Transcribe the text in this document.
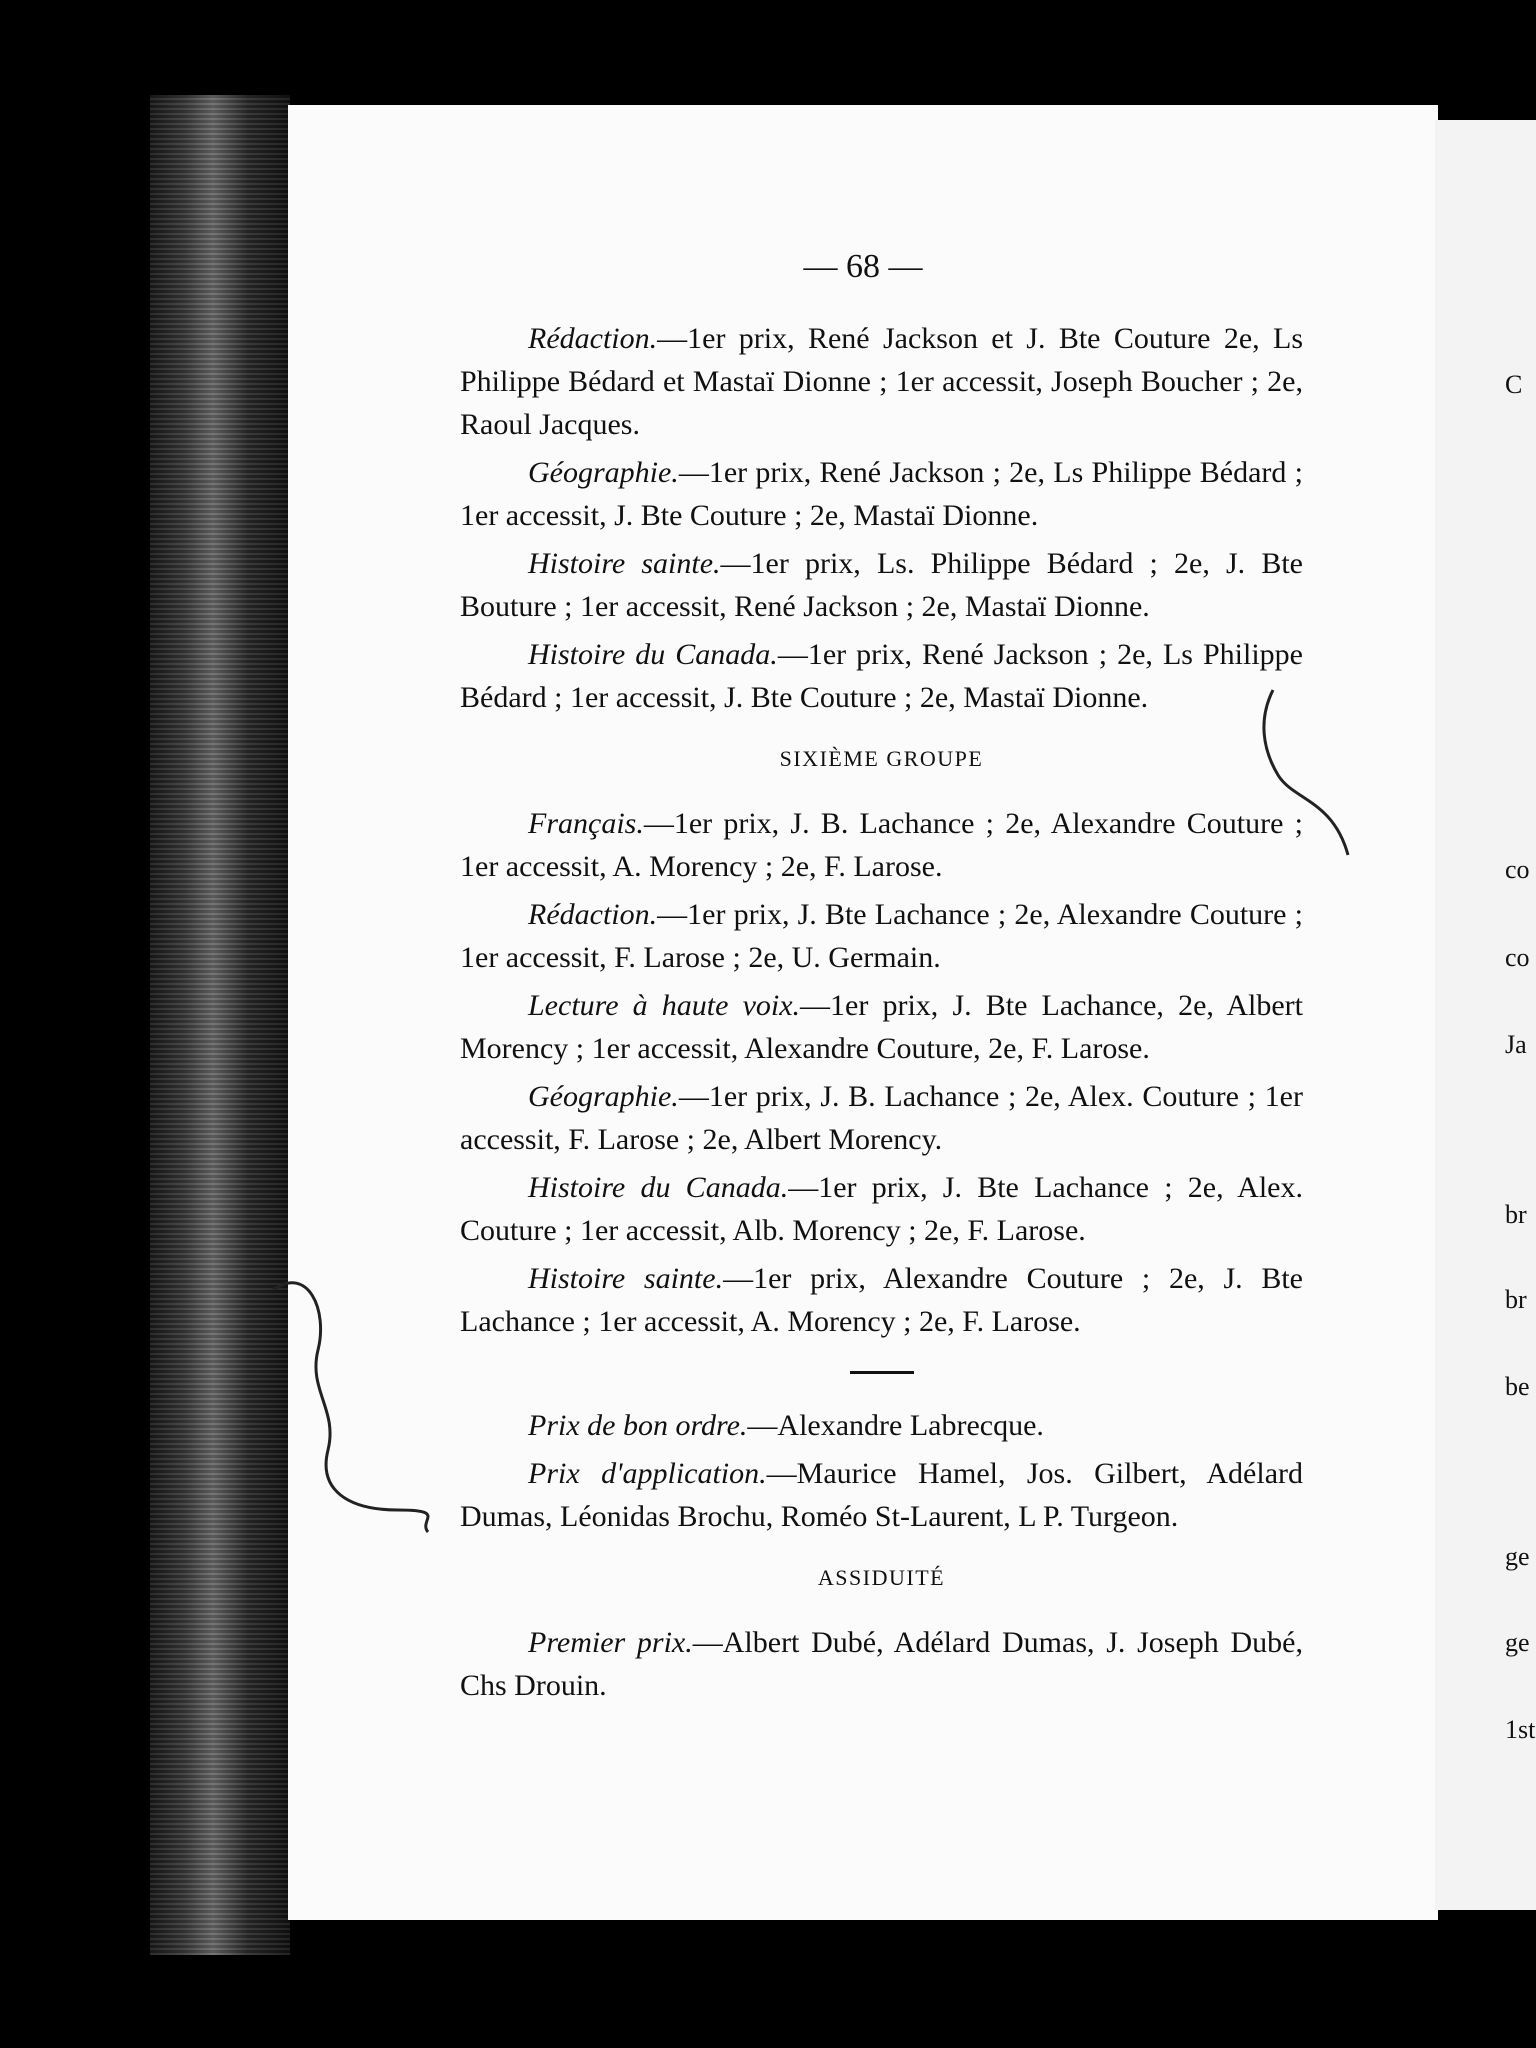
— 68 —

Rédaction.—1er prix, René Jackson et J. Bte Couture 2e, Ls Philippe Bédard et Mastaï Dionne ; 1er accessit, Joseph Boucher ; 2e, Raoul Jacques.

Géographie.—1er prix, René Jackson ; 2e, Ls Philippe Bédard ; 1er accessit, J. Bte Couture ; 2e, Mastaï Dionne.

Histoire sainte.—1er prix, Ls. Philippe Bédard ; 2e, J. Bte Bouture ; 1er accessit, René Jackson ; 2e, Mastaï Dionne.

Histoire du Canada.—1er prix, René Jackson ; 2e, Ls Philippe Bédard ; 1er accessit, J. Bte Couture ; 2e, Mastaï Dionne.

SIXIÈME GROUPE

Français.—1er prix, J. B. Lachance ; 2e, Alexandre Couture ; 1er accessit, A. Morency ; 2e, F. Larose.

Rédaction.—1er prix, J. Bte Lachance ; 2e, Alexandre Couture ; 1er accessit, F. Larose ; 2e, U. Germain.

Lecture à haute voix.—1er prix, J. Bte Lachance, 2e, Albert Morency ; 1er accessit, Alexandre Couture, 2e, F. Larose.

Géographie.—1er prix, J. B. Lachance ; 2e, Alex. Couture ; 1er accessit, F. Larose ; 2e, Albert Morency.

Histoire du Canada.—1er prix, J. Bte Lachance ; 2e, Alex. Couture ; 1er accessit, Alb. Morency ; 2e, F. Larose.

Histoire sainte.—1er prix, Alexandre Couture ; 2e, J. Bte Lachance ; 1er accessit, A. Morency ; 2e, F. Larose.

Prix de bon ordre.—Alexandre Labrecque.

Prix d'application.—Maurice Hamel, Jos. Gilbert, Adélard Dumas, Léonidas Brochu, Roméo St-Laurent, L P. Turgeon.

ASSIDUITÉ

Premier prix.—Albert Dubé, Adélard Dumas, J. Joseph Dubé, Chs Drouin.

C
co
co
Ja
br
br
be
ge
ge
1st
